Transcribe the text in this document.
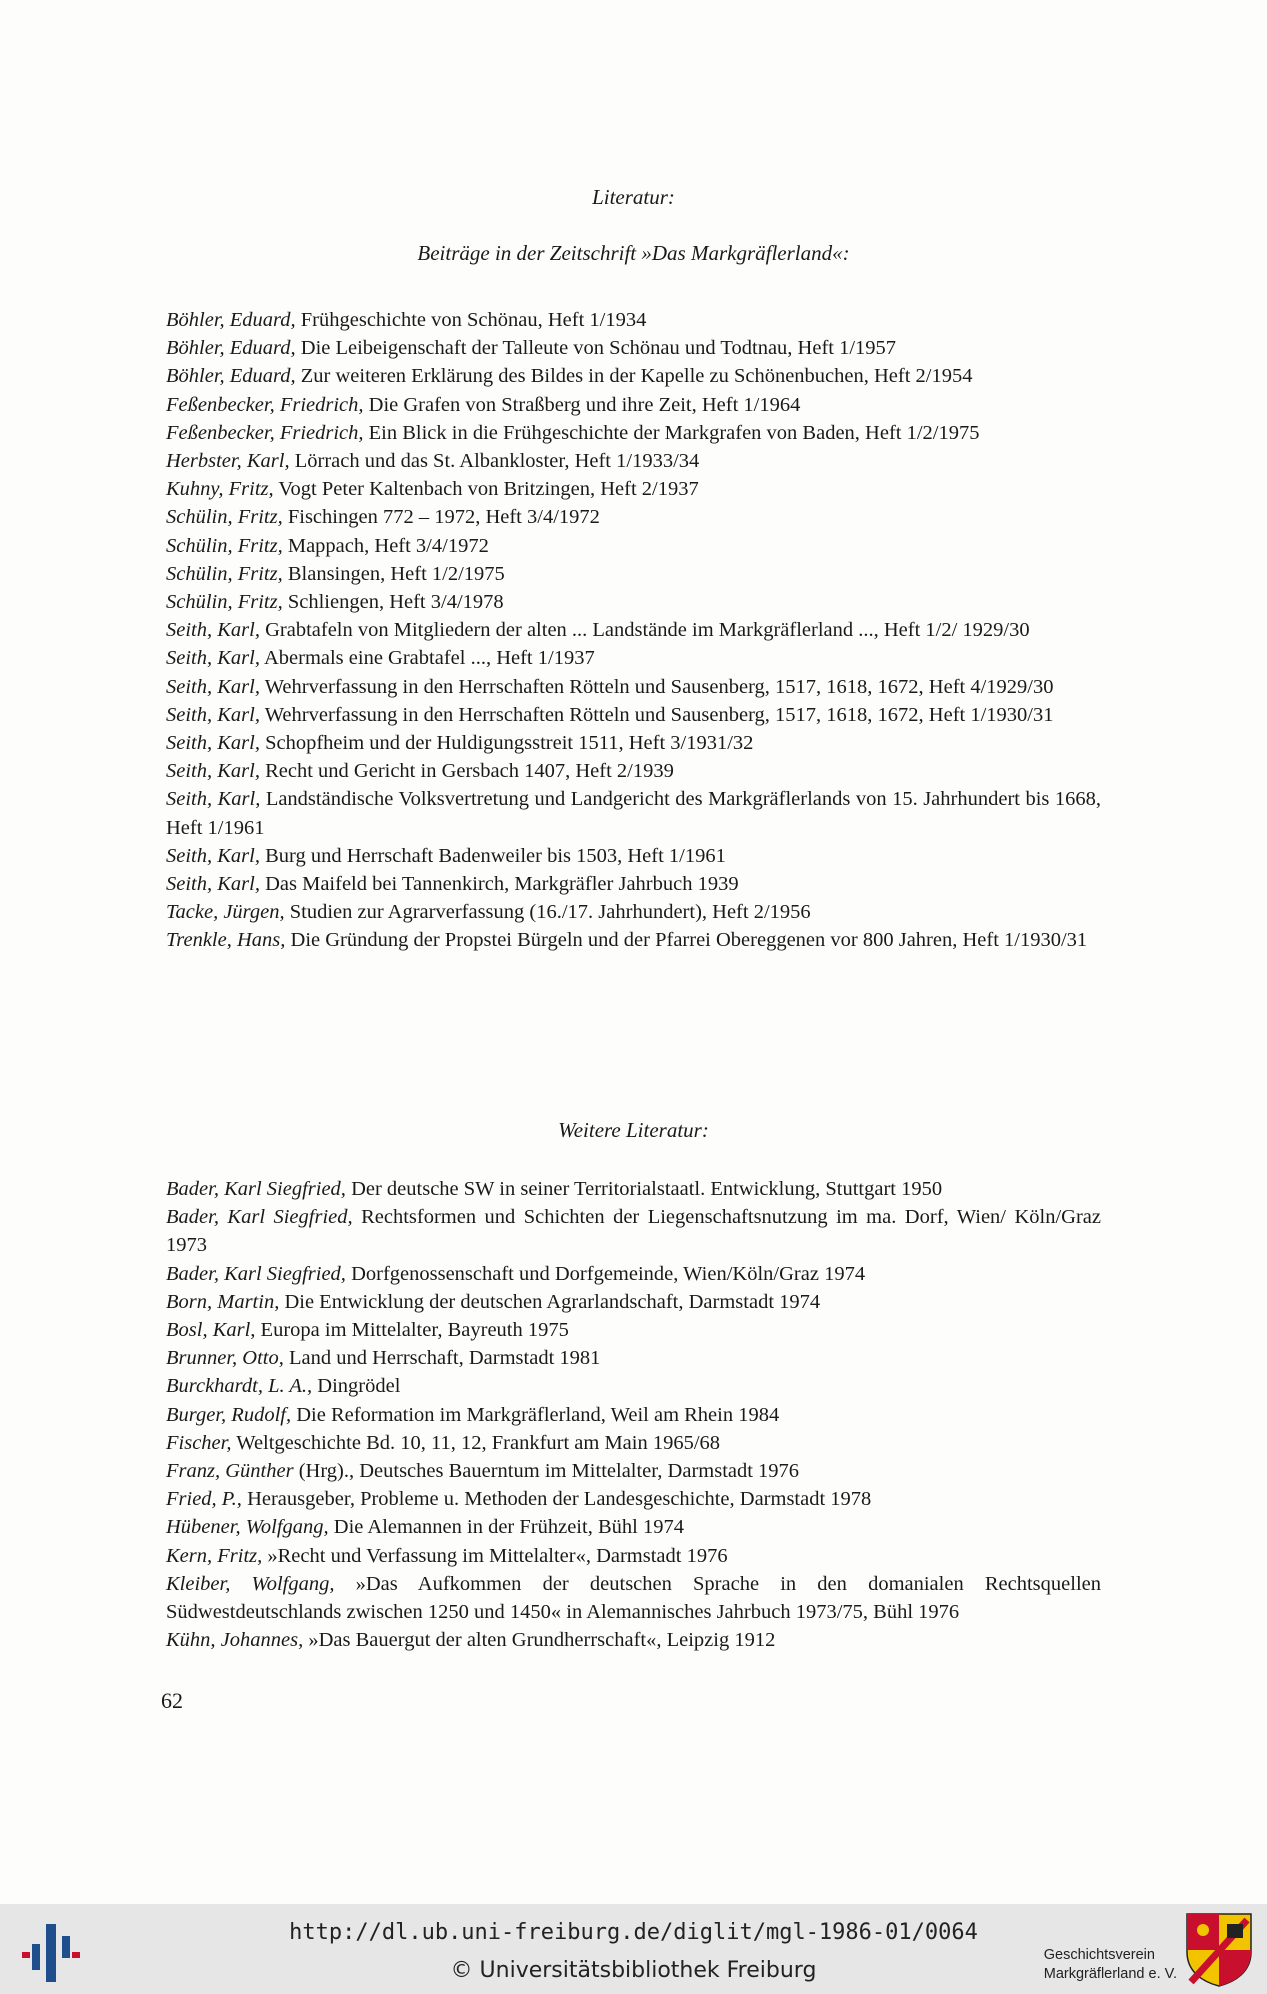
Literatur:
Beiträge in der Zeitschrift »Das Markgräflerland«:

Böhler, Eduard, Frühgeschichte von Schönau, Heft 1/1934

Böhler, Eduard, Die Leibeigenschaft der Talleute von Schönau und Todtnau, Heft 1/1957

Böhler, Eduard, Zur weiteren Erklärung des Bildes in der Kapelle zu Schönenbuchen, Heft 2/1954

Feßenbecker, Friedrich, Die Grafen von Straßberg und ihre Zeit, Heft 1/1964

Feßenbecker, Friedrich, Ein Blick in die Frühgeschichte der Markgrafen von Baden, Heft 1/2/1975

Herbster, Karl, Lörrach und das St. Albankloster, Heft 1/1933/34

Kuhny, Fritz, Vogt Peter Kaltenbach von Britzingen, Heft 2/1937

Schülin, Fritz, Fischingen 772 – 1972, Heft 3/4/1972

Schülin, Fritz, Mappach, Heft 3/4/1972

Schülin, Fritz, Blansingen, Heft 1/2/1975

Schülin, Fritz, Schliengen, Heft 3/4/1978

Seith, Karl, Grabtafeln von Mitgliedern der alten ... Landstände im Markgräflerland ..., Heft 1/2/ 1929/30

Seith, Karl, Abermals eine Grabtafel ..., Heft 1/1937

Seith, Karl, Wehrverfassung in den Herrschaften Rötteln und Sausenberg, 1517, 1618, 1672, Heft 4/1929/30

Seith, Karl, Wehrverfassung in den Herrschaften Rötteln und Sausenberg, 1517, 1618, 1672, Heft 1/1930/31

Seith, Karl, Schopfheim und der Huldigungsstreit 1511, Heft 3/1931/32

Seith, Karl, Recht und Gericht in Gersbach 1407, Heft 2/1939

Seith, Karl, Landständische Volksvertretung und Landgericht des Markgräflerlands von 15. Jahrhundert bis 1668, Heft 1/1961

Seith, Karl, Burg und Herrschaft Badenweiler bis 1503, Heft 1/1961

Seith, Karl, Das Maifeld bei Tannenkirch, Markgräfler Jahrbuch 1939

Tacke, Jürgen, Studien zur Agrarverfassung (16./17. Jahrhundert), Heft 2/1956

Trenkle, Hans, Die Gründung der Propstei Bürgeln und der Pfarrei Obereggenen vor 800 Jahren, Heft 1/1930/31

Weitere Literatur:

Bader, Karl Siegfried, Der deutsche SW in seiner Territorialstaatl. Entwicklung, Stuttgart 1950

Bader, Karl Siegfried, Rechtsformen und Schichten der Liegenschaftsnutzung im ma. Dorf, Wien/ Köln/Graz 1973

Bader, Karl Siegfried, Dorfgenossenschaft und Dorfgemeinde, Wien/Köln/Graz 1974

Born, Martin, Die Entwicklung der deutschen Agrarlandschaft, Darmstadt 1974

Bosl, Karl, Europa im Mittelalter, Bayreuth 1975

Brunner, Otto, Land und Herrschaft, Darmstadt 1981

Burckhardt, L. A., Dingrödel

Burger, Rudolf, Die Reformation im Markgräflerland, Weil am Rhein 1984

Fischer, Weltgeschichte Bd. 10, 11, 12, Frankfurt am Main 1965/68

Franz, Günther (Hrg)., Deutsches Bauerntum im Mittelalter, Darmstadt 1976

Fried, P., Herausgeber, Probleme u. Methoden der Landesgeschichte, Darmstadt 1978

Hübener, Wolfgang, Die Alemannen in der Frühzeit, Bühl 1974

Kern, Fritz, »Recht und Verfassung im Mittelalter«, Darmstadt 1976

Kleiber, Wolfgang, »Das Aufkommen der deutschen Sprache in den domanialen Rechtsquellen Südwestdeutschlands zwischen 1250 und 1450« in Alemannisches Jahrbuch 1973/75, Bühl 1976

Kühn, Johannes, »Das Bauergut der alten Grundherrschaft«, Leipzig 1912

62
http://dl.ub.uni-freiburg.de/diglit/mgl-1986-01/0064
© Universitätsbibliothek Freiburg
Geschichtsverein
Markgräflerland e. V.
